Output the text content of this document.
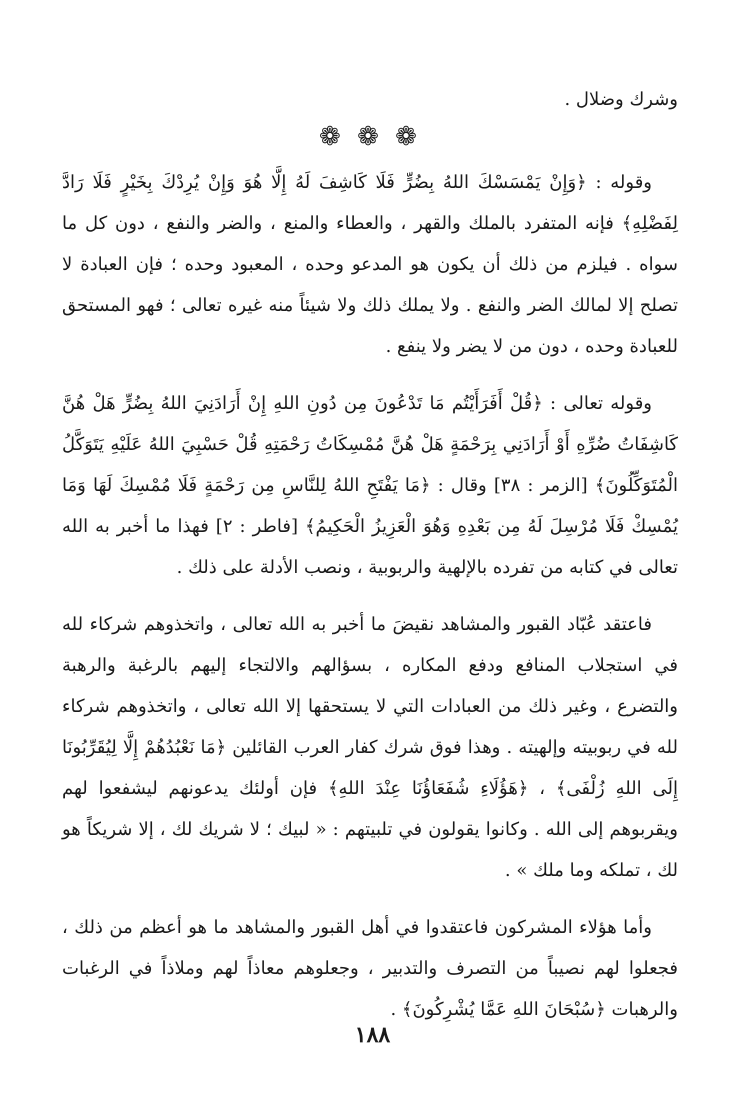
وشرك وضلال .
❁ ❁ ❁

وقوله : ﴿وَإِنْ يَمْسَسْكَ اللهُ بِضُرٍّ فَلَا كَاشِفَ لَهُ إِلَّا هُوَ وَإِنْ يُرِدْكَ بِخَيْرٍ فَلَا رَادَّ لِفَضْلِهِ﴾ فإنه المتفرد بالملك والقهر ، والعطاء والمنع ، والضر والنفع ، دون كل ما سواه . فيلزم من ذلك أن يكون هو المدعو وحده ، المعبود وحده ؛ فإن العبادة لا تصلح إلا لمالك الضر والنفع . ولا يملك ذلك ولا شيئاً منه غيره تعالى ؛ فهو المستحق للعبادة وحده ، دون من لا يضر ولا ينفع .

وقوله تعالى : ﴿قُلْ أَفَرَأَيْتُم مَا تَدْعُونَ مِن دُونِ اللهِ إِنْ أَرَادَنِيَ اللهُ بِضُرٍّ هَلْ هُنَّ كَاشِفَاتُ ضُرِّهِ أَوْ أَرَادَنِي بِرَحْمَةٍ هَلْ هُنَّ مُمْسِكَاتُ رَحْمَتِهِ قُلْ حَسْبِيَ اللهُ عَلَيْهِ يَتَوَكَّلُ الْمُتَوَكِّلُونَ﴾ [الزمر : ٣٨] وقال : ﴿مَا يَفْتَحِ اللهُ لِلنَّاسِ مِن رَحْمَةٍ فَلَا مُمْسِكَ لَهَا وَمَا يُمْسِكْ فَلَا مُرْسِلَ لَهُ مِن بَعْدِهِ وَهُوَ الْعَزِيزُ الْحَكِيمُ﴾ [فاطر : ٢] فهذا ما أخبر به الله تعالى في كتابه من تفرده بالإلهية والربوبية ، ونصب الأدلة على ذلك .

فاعتقد عُبّاد القبور والمشاهد نقيضَ ما أخبر به الله تعالى ، واتخذوهم شركاء لله في استجلاب المنافع ودفع المكاره ، بسؤالهم والالتجاء إليهم بالرغبة والرهبة والتضرع ، وغير ذلك من العبادات التي لا يستحقها إلا الله تعالى ، واتخذوهم شركاء لله في ربوبيته وإلهيته . وهذا فوق شرك كفار العرب القائلين ﴿مَا نَعْبُدُهُمْ إِلَّا لِيُقَرِّبُونَا إِلَى اللهِ زُلْفَى﴾ ، ﴿هَؤُلَاءِ شُفَعَاؤُنَا عِنْدَ اللهِ﴾ فإن أولئك يدعونهم ليشفعوا لهم ويقربوهم إلى الله . وكانوا يقولون في تلبيتهم : « لبيك ؛ لا شريك لك ، إلا شريكاً هو لك ، تملكه وما ملك » .

وأما هؤلاء المشركون فاعتقدوا في أهل القبور والمشاهد ما هو أعظم من ذلك ، فجعلوا لهم نصيباً من التصرف والتدبير ، وجعلوهم معاذاً لهم وملاذاً في الرغبات والرهبات ﴿سُبْحَانَ اللهِ عَمَّا يُشْرِكُونَ﴾ .

١٨٨
